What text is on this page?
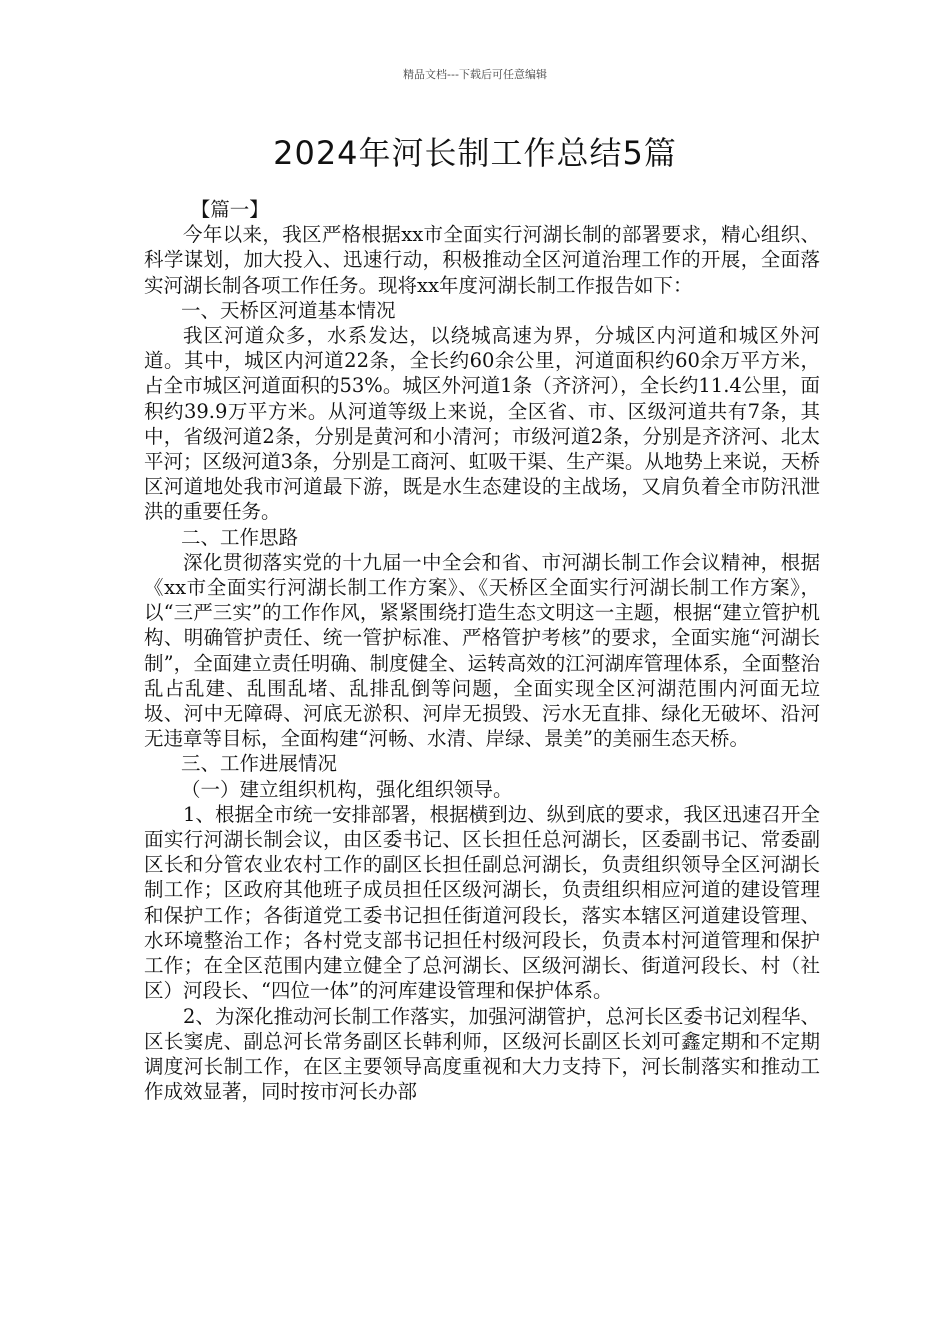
精品文档---下载后可任意编辑
2024年河长制工作总结5篇

【篇一】

今年以来，我区严格根据xx市全面实行河湖长制的部署要求，精心组织、科学谋划，加大投入、迅速行动，积极推动全区河道治理工作的开展，全面落实河湖长制各项工作任务。现将xx年度河湖长制工作报告如下：

一、天桥区河道基本情况

我区河道众多，水系发达，以绕城高速为界，分城区内河道和城区外河道。其中，城区内河道22条，全长约60余公里，河道面积约60余万平方米，占全市城区河道面积的53%。城区外河道1条（齐济河），全长约11.4公里，面积约39.9万平方米。从河道等级上来说，全区省、市、区级河道共有7条，其中，省级河道2条，分别是黄河和小清河；市级河道2条，分别是齐济河、北太平河；区级河道3条，分别是工商河、虹吸干渠、生产渠。从地势上来说，天桥区河道地处我市河道最下游，既是水生态建设的主战场，又肩负着全市防汛泄洪的重要任务。

二、工作思路

深化贯彻落实党的十九届一中全会和省、市河湖长制工作会议精神，根据《xx市全面实行河湖长制工作方案》、《天桥区全面实行河湖长制工作方案》，以“三严三实”的工作作风，紧紧围绕打造生态文明这一主题，根据“建立管护机构、明确管护责任、统一管护标准、严格管护考核”的要求，全面实施“河湖长制”，全面建立责任明确、制度健全、运转高效的江河湖库管理体系，全面整治乱占乱建、乱围乱堵、乱排乱倒等问题，全面实现全区河湖范围内河面无垃圾、河中无障碍、河底无淤积、河岸无损毁、污水无直排、绿化无破坏、沿河无违章等目标，全面构建“河畅、水清、岸绿、景美”的美丽生态天桥。

三、工作进展情况

（一）建立组织机构，强化组织领导。

1、根据全市统一安排部署，根据横到边、纵到底的要求，我区迅速召开全面实行河湖长制会议，由区委书记、区长担任总河湖长，区委副书记、常委副区长和分管农业农村工作的副区长担任副总河湖长，负责组织领导全区河湖长制工作；区政府其他班子成员担任区级河湖长，负责组织相应河道的建设管理和保护工作；各街道党工委书记担任街道河段长，落实本辖区河道建设管理、水环境整治工作；各村党支部书记担任村级河段长，负责本村河道管理和保护工作；在全区范围内建立健全了总河湖长、区级河湖长、街道河段长、村（社区）河段长、“四位一体”的河库建设管理和保护体系。

2、为深化推动河长制工作落实，加强河湖管护，总河长区委书记刘程华、区长窦虎、副总河长常务副区长韩利师，区级河长副区长刘可鑫定期和不定期调度河长制工作，在区主要领导高度重视和大力支持下，河长制落实和推动工作成效显著，同时按市河长办部
